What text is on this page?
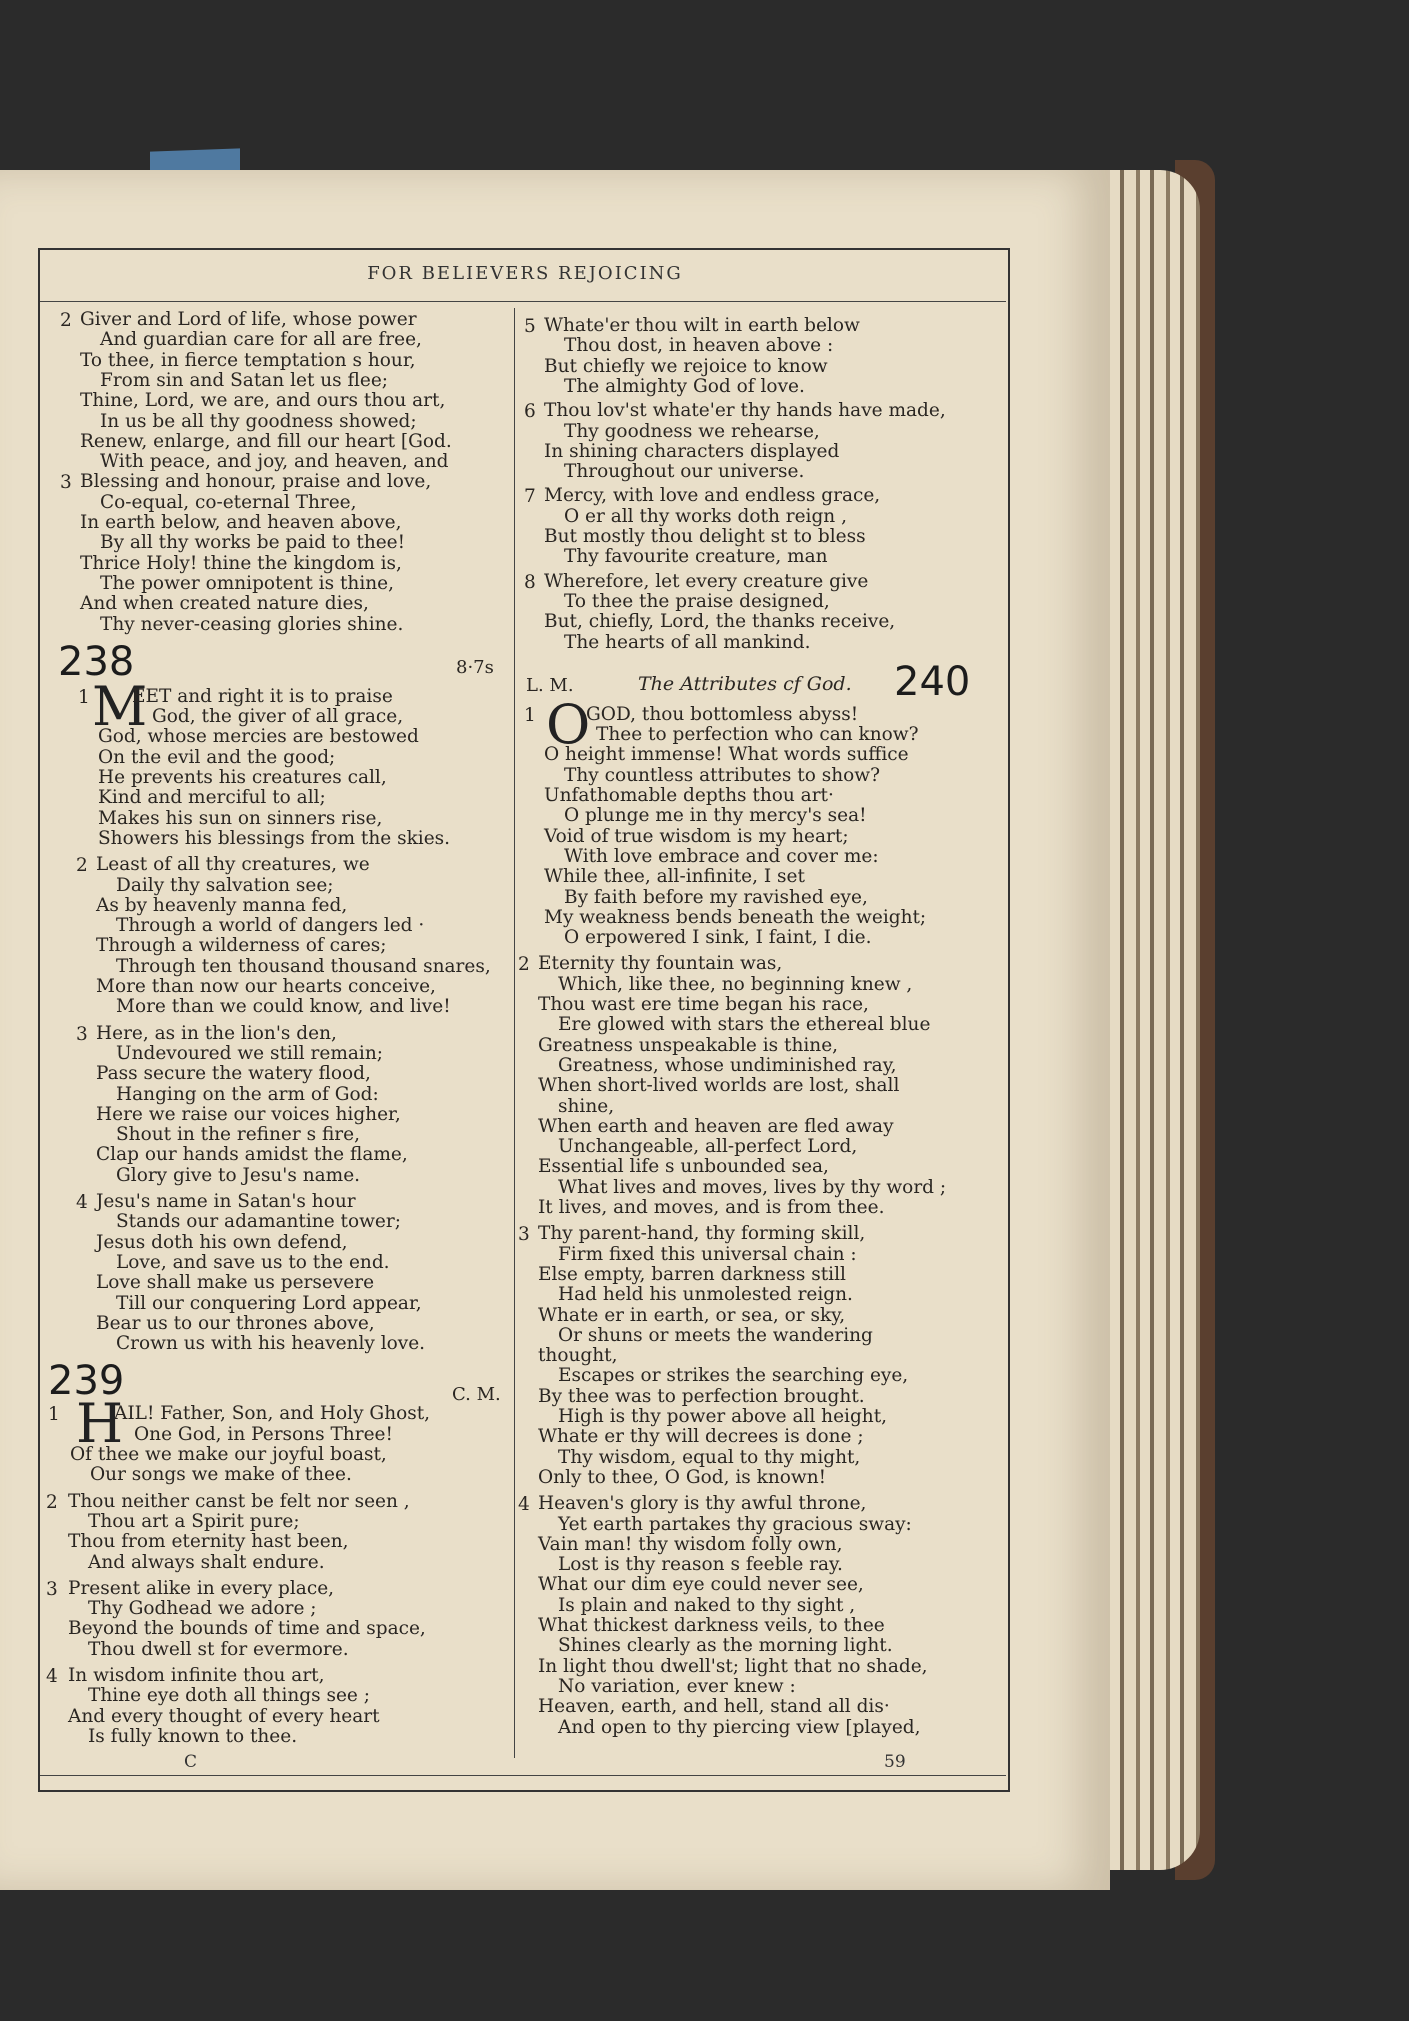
FOR BELIEVERS REJOICING
C	59
2 Giver and Lord of life, whose power
And guardian care for all are free,
To thee, in fierce temptation s hour,
From sin and Satan let us flee;
Thine, Lord, we are, and ours thou art,
In us be all thy goodness showed;
Renew, enlarge, and fill our heart [God.
With peace, and joy, and heaven, and
3 Blessing and honour, praise and love,
Co-equal, co-eternal Three,
In earth below, and heaven above,
By all thy works be paid to thee!
Thrice Holy! thine the kingdom is,
The power omnipotent is thine,
And when created nature dies,
Thy never-ceasing glories shine.
238	8·7s
1 M
EET and right it is to praise
God, the giver of all grace,
God, whose mercies are bestowed
On the evil and the good;
He prevents his creatures call,
Kind and merciful to all;
Makes his sun on sinners rise,
Showers his blessings from the skies.
2 Least of all thy creatures, we
Daily thy salvation see;
As by heavenly manna fed,
Through a world of dangers led ·
Through a wilderness of cares;
Through ten thousand thousand snares,
More than now our hearts conceive,
More than we could know, and live!
3 Here, as in the lion's den,
Undevoured we still remain;
Pass secure the watery flood,
Hanging on the arm of God:
Here we raise our voices higher,
Shout in the refiner s fire,
Clap our hands amidst the flame,
Glory give to Jesu's name.
4 Jesu's name in Satan's hour
Stands our adamantine tower;
Jesus doth his own defend,
Love, and save us to the end.
Love shall make us persevere
Till our conquering Lord appear,
Bear us to our thrones above,
Crown us with his heavenly love.
239	C. M.
1 H
AIL! Father, Son, and Holy Ghost,
One God, in Persons Three!
Of thee we make our joyful boast,
Our songs we make of thee.
2 Thou neither canst be felt nor seen ,
Thou art a Spirit pure;
Thou from eternity hast been,
And always shalt endure.
3 Present alike in every place,
Thy Godhead we adore ;
Beyond the bounds of time and space,
Thou dwell st for evermore.
4 In wisdom infinite thou art,
Thine eye doth all things see ;
And every thought of every heart
Is fully known to thee.
5 Whate'er thou wilt in earth below
Thou dost, in heaven above :
But chiefly we rejoice to know
The almighty God of love.
6 Thou lov'st whate'er thy hands have made,
Thy goodness we rehearse,
In shining characters displayed
Throughout our universe.
7 Mercy, with love and endless grace,
O er all thy works doth reign ,
But mostly thou delight st to bless
Thy favourite creature, man
8 Wherefore, let every creature give
To thee the praise designed,
But, chiefly, Lord, the thanks receive,
The hearts of all mankind.
L. M.	The Attributes cf God. 240
1 O
GOD, thou bottomless abyss!
Thee to perfection who can know?
O height immense! What words suffice
Thy countless attributes to show?
Unfathomable depths thou art·
O plunge me in thy mercy's sea!
Void of true wisdom is my heart;
With love embrace and cover me:
While thee, all-infinite, I set
By faith before my ravished eye,
My weakness bends beneath the weight;
O erpowered I sink, I faint, I die.
2 Eternity thy fountain was,
Which, like thee, no beginning knew ,
Thou wast ere time began his race,
Ere glowed with stars the ethereal blue
Greatness unspeakable is thine,
Greatness, whose undiminished ray,
When short-lived worlds are lost, shall
shine,
When earth and heaven are fled away
Unchangeable, all-perfect Lord,
Essential life s unbounded sea,
What lives and moves, lives by thy word ;
It lives, and moves, and is from thee.
3 Thy parent-hand, thy forming skill,
Firm fixed this universal chain :
Else empty, barren darkness still
Had held his unmolested reign.
Whate er in earth, or sea, or sky,
Or shuns or meets the wandering
thought,
Escapes or strikes the searching eye,
By thee was to perfection brought.
High is thy power above all height,
Whate er thy will decrees is done ;
Thy wisdom, equal to thy might,
Only to thee, O God, is known!
4 Heaven's glory is thy awful throne,
Yet earth partakes thy gracious sway:
Vain man! thy wisdom folly own,
Lost is thy reason s feeble ray.
What our dim eye could never see,
Is plain and naked to thy sight ,
What thickest darkness veils, to thee
Shines clearly as the morning light.
In light thou dwell'st; light that no shade,
No variation, ever knew :
Heaven, earth, and hell, stand all dis·
And open to thy piercing view [played,
